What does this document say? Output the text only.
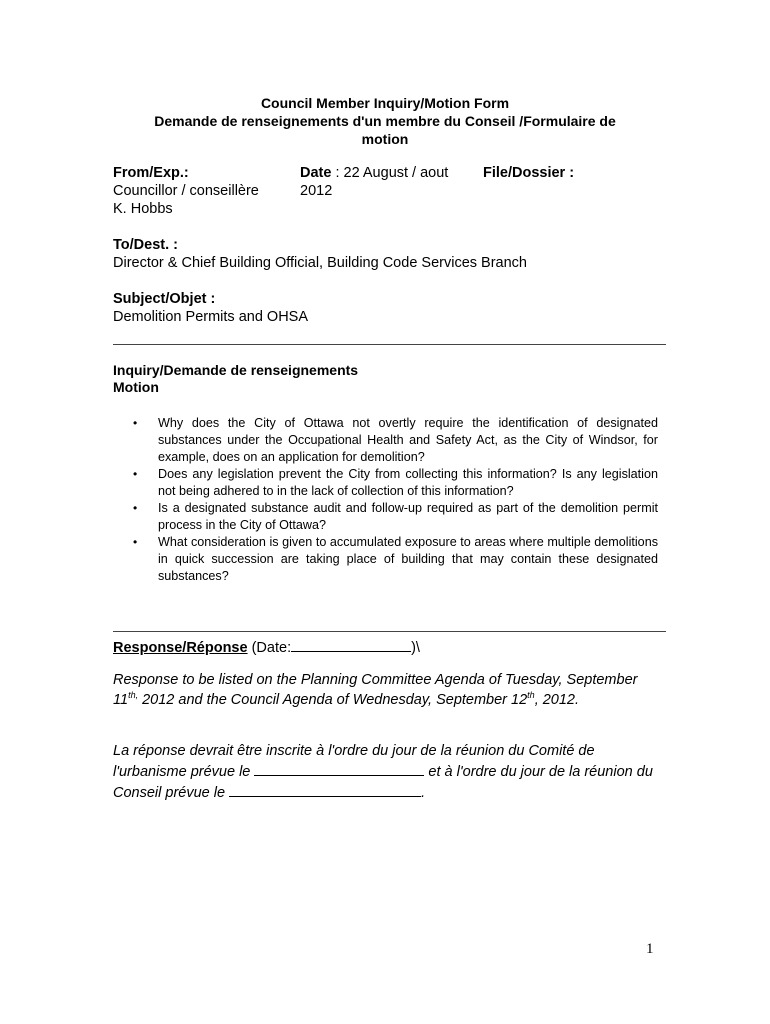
Council Member Inquiry/Motion Form
Demande de renseignements d'un membre du Conseil /Formulaire de
motion
From/Exp.:
Councillor / conseillère
K. Hobbs
Date : 22 August / aout
2012
File/Dossier :
To/Dest. :
Director & Chief Building Official, Building Code Services Branch
Subject/Objet :
Demolition Permits and OHSA
Inquiry/Demande de renseignements
Motion
• Why does the City of Ottawa not overtly require the identification of designated substances under the Occupational Health and Safety Act, as the City of Windsor, for example, does on an application for demolition?
• Does any legislation prevent the City from collecting this information? Is any legislation not being adhered to in the lack of collection of this information?
• Is a designated substance audit and follow-up required as part of the demolition permit process in the City of Ottawa?
• What consideration is given to accumulated exposure to areas where multiple demolitions in quick succession are taking place of building that may contain these designated substances?
Response/Réponse (Date:	)\
Response to be listed on the Planning Committee Agenda of Tuesday, September $11^{th,}$ 2012 and the Council Agenda of Wednesday, September 12th, 2012.
La réponse devrait être inscrite à l'ordre du jour de la réunion du Comité de l'urbanisme prévue le	et à l'ordre du jour de la réunion du Conseil prévue le	.
1
